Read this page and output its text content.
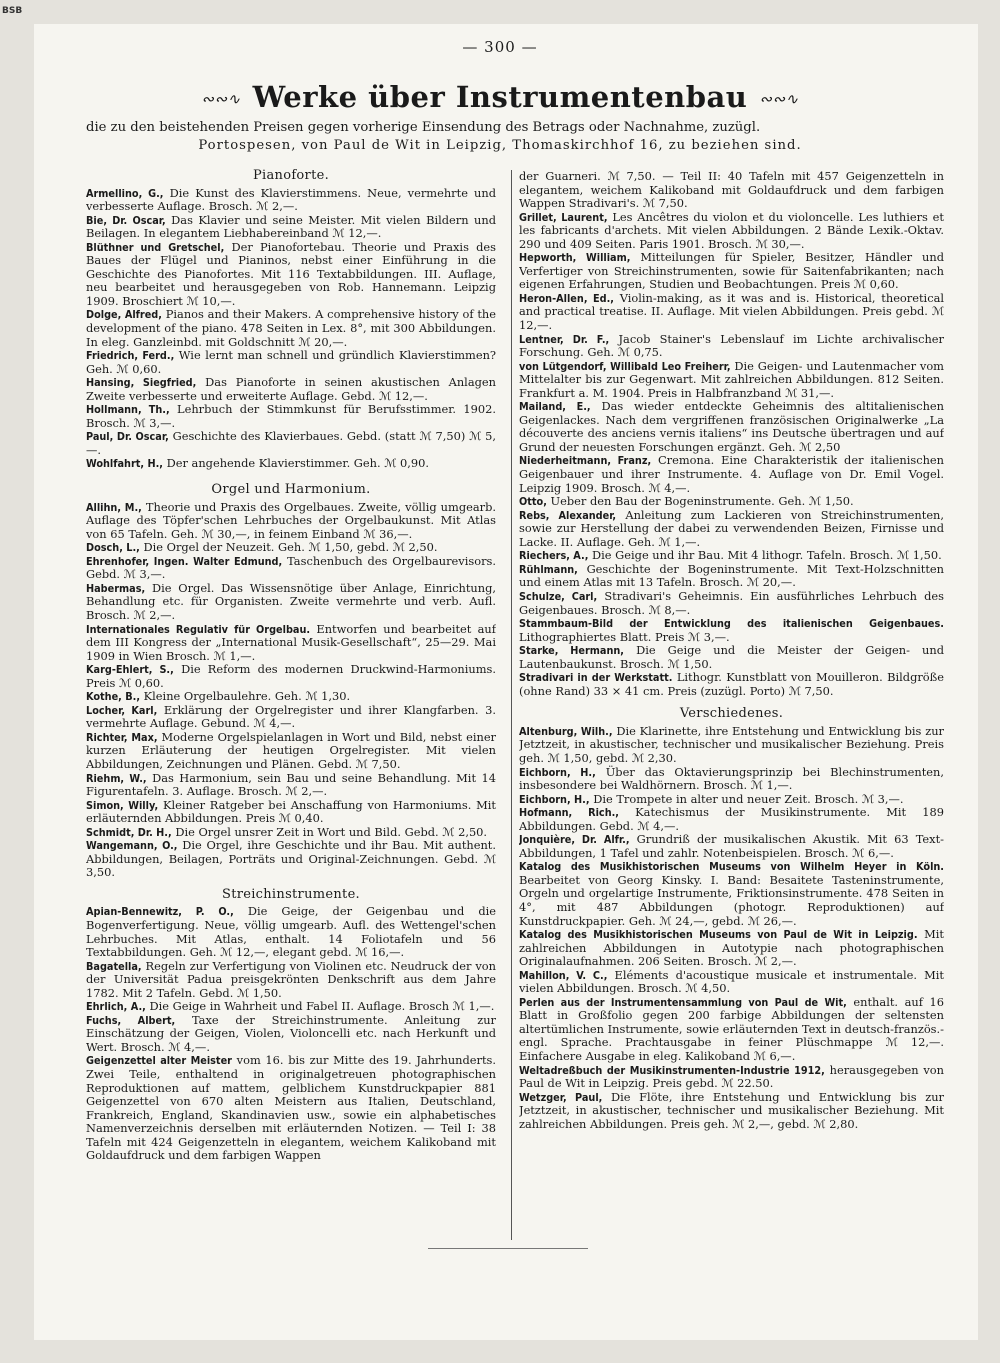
BSB
— 300 —
∾∾∿ Werke über Instrumentenbau ∾∾∿
die zu den beistehenden Preisen gegen vorherige Einsendung des Betrags oder Nachnahme, zuzügl.
Portospesen, von Paul de Wit in Leipzig, Thomaskirchhof 16, zu beziehen sind.
Pianoforte.

Armellino, G., Die Kunst des Klavierstimmens. Neue, vermehrte und verbesserte Auflage. Brosch. ℳ 2,—.

Bie, Dr. Oscar, Das Klavier und seine Meister. Mit vielen Bildern und Beilagen. In elegantem Liebhabereinband ℳ 12,—.

Blüthner und Gretschel, Der Pianofortebau. Theorie und Praxis des Baues der Flügel und Pianinos, nebst einer Einführung in die Geschichte des Pianofortes. Mit 116 Textabbildungen. III. Auflage, neu bearbeitet und herausgegeben von Rob. Hannemann. Leipzig 1909. Broschiert ℳ 10,—.

Dolge, Alfred, Pianos and their Makers. A comprehensive history of the development of the piano. 478 Seiten in Lex. 8°, mit 300 Abbildungen. In eleg. Ganzleinbd. mit Goldschnitt ℳ 20,—.

Friedrich, Ferd., Wie lernt man schnell und gründlich Klavierstimmen? Geh. ℳ 0,60.

Hansing, Siegfried, Das Pianoforte in seinen akustischen Anlagen Zweite verbesserte und erweiterte Auflage. Gebd. ℳ 12,—.

Hollmann, Th., Lehrbuch der Stimmkunst für Berufsstimmer. 1902. Brosch. ℳ 3,—.

Paul, Dr. Oscar, Geschichte des Klavierbaues. Gebd. (statt ℳ 7,50) ℳ 5,—.

Wohlfahrt, H., Der angehende Klavierstimmer. Geh. ℳ 0,90.

Orgel und Harmonium.

Allihn, M., Theorie und Praxis des Orgelbaues. Zweite, völlig umgearb. Auflage des Töpfer'schen Lehrbuches der Orgelbaukunst. Mit Atlas von 65 Tafeln. Geh. ℳ 30,—, in feinem Einband ℳ 36,—.

Dosch, L., Die Orgel der Neuzeit. Geh. ℳ 1,50, gebd. ℳ 2,50.

Ehrenhofer, Ingen. Walter Edmund, Taschenbuch des Orgelbaurevisors. Gebd. ℳ 3,—.

Habermas, Die Orgel. Das Wissensnötige über Anlage, Einrichtung, Behandlung etc. für Organisten. Zweite vermehrte und verb. Aufl. Brosch. ℳ 2,—.

Internationales Regulativ für Orgelbau. Entworfen und bearbeitet auf dem III Kongress der „International Musik-Gesellschaft“, 25—29. Mai 1909 in Wien Brosch. ℳ 1,—.

Karg-Ehlert, S., Die Reform des modernen Druckwind-Harmoniums. Preis ℳ 0,60.

Kothe, B., Kleine Orgelbaulehre. Geh. ℳ 1,30.

Locher, Karl, Erklärung der Orgelregister und ihrer Klangfarben. 3. vermehrte Auflage. Gebund. ℳ 4,—.

Richter, Max, Moderne Orgelspielanlagen in Wort und Bild, nebst einer kurzen Erläuterung der heutigen Orgelregister. Mit vielen Abbildungen, Zeichnungen und Plänen. Gebd. ℳ 7,50.

Riehm, W., Das Harmonium, sein Bau und seine Behandlung. Mit 14 Figurentafeln. 3. Auflage. Brosch. ℳ 2,—.

Simon, Willy, Kleiner Ratgeber bei Anschaffung von Harmoniums. Mit erläuternden Abbildungen. Preis ℳ 0,40.

Schmidt, Dr. H., Die Orgel unsrer Zeit in Wort und Bild. Gebd. ℳ 2,50.

Wangemann, O., Die Orgel, ihre Geschichte und ihr Bau. Mit authent. Abbildungen, Beilagen, Porträts und Original-Zeichnungen. Gebd. ℳ 3,50.

Streichinstrumente.

Apian-Bennewitz, P. O., Die Geige, der Geigenbau und die Bogenverfertigung. Neue, völlig umgearb. Aufl. des Wettengel'schen Lehrbuches. Mit Atlas, enthalt. 14 Foliotafeln und 56 Textabbildungen. Geh. ℳ 12,—, elegant gebd. ℳ 16,—.

Bagatella, Regeln zur Verfertigung von Violinen etc. Neudruck der von der Universität Padua preisgekrönten Denkschrift aus dem Jahre 1782. Mit 2 Tafeln. Gebd. ℳ 1,50.

Ehrlich, A., Die Geige in Wahrheit und Fabel II. Auflage. Brosch ℳ 1,—.

Fuchs, Albert, Taxe der Streichinstrumente. Anleitung zur Einschätzung der Geigen, Violen, Violoncelli etc. nach Herkunft und Wert. Brosch. ℳ 4,—.

Geigenzettel alter Meister vom 16. bis zur Mitte des 19. Jahrhunderts. Zwei Teile, enthaltend in originalgetreuen photographischen Reproduktionen auf mattem, gelblichem Kunstdruckpapier 881 Geigenzettel von 670 alten Meistern aus Italien, Deutschland, Frankreich, England, Skandinavien usw., sowie ein alphabetisches Namenverzeichnis derselben mit erläuternden Notizen. — Teil I: 38 Tafeln mit 424 Geigenzetteln in elegantem, weichem Kalikoband mit Goldaufdruck und dem farbigen Wappen

der Guarneri. ℳ 7,50. — Teil II: 40 Tafeln mit 457 Geigenzetteln in elegantem, weichem Kalikoband mit Goldaufdruck und dem farbigen Wappen Stradivari's. ℳ 7,50.

Grillet, Laurent, Les Ancêtres du violon et du violoncelle. Les luthiers et les fabricants d'archets. Mit vielen Abbildungen. 2 Bände Lexik.-Oktav. 290 und 409 Seiten. Paris 1901. Brosch. ℳ 30,—.

Hepworth, William, Mitteilungen für Spieler, Besitzer, Händler und Verfertiger von Streichinstrumenten, sowie für Saitenfabrikanten; nach eigenen Erfahrungen, Studien und Beobachtungen. Preis ℳ 0,60.

Heron-Allen, Ed., Violin-making, as it was and is. Historical, theoretical and practical treatise. II. Auflage. Mit vielen Abbildungen. Preis gebd. ℳ 12,—.

Lentner, Dr. F., Jacob Stainer's Lebenslauf im Lichte archivalischer Forschung. Geh. ℳ 0,75.

von Lütgendorf, Willibald Leo Freiherr, Die Geigen- und Lautenmacher vom Mittelalter bis zur Gegenwart. Mit zahlreichen Abbildungen. 812 Seiten. Frankfurt a. M. 1904. Preis in Halbfranzband ℳ 31,—.

Mailand, E., Das wieder entdeckte Geheimnis des altitalienischen Geigenlackes. Nach dem vergriffenen französischen Originalwerke „La découverte des anciens vernis italiens“ ins Deutsche übertragen und auf Grund der neuesten Forschungen ergänzt. Geh. ℳ 2,50

Niederheitmann, Franz, Cremona. Eine Charakteristik der italienischen Geigenbauer und ihrer Instrumente. 4. Auflage von Dr. Emil Vogel. Leipzig 1909. Brosch. ℳ 4,—.

Otto, Ueber den Bau der Bogeninstrumente. Geh. ℳ 1,50.

Rebs, Alexander, Anleitung zum Lackieren von Streichinstrumenten, sowie zur Herstellung der dabei zu verwendenden Beizen, Firnisse und Lacke. II. Auflage. Geh. ℳ 1,—.

Riechers, A., Die Geige und ihr Bau. Mit 4 lithogr. Tafeln. Brosch. ℳ 1,50.

Rühlmann, Geschichte der Bogeninstrumente. Mit Text-Holzschnitten und einem Atlas mit 13 Tafeln. Brosch. ℳ 20,—.

Schulze, Carl, Stradivari's Geheimnis. Ein ausführliches Lehrbuch des Geigenbaues. Brosch. ℳ 8,—.

Stammbaum-Bild der Entwicklung des italienischen Geigenbaues. Lithographiertes Blatt. Preis ℳ 3,—.

Starke, Hermann, Die Geige und die Meister der Geigen- und Lautenbaukunst. Brosch. ℳ 1,50.

Stradivari in der Werkstatt. Lithogr. Kunstblatt von Mouilleron. Bildgröße (ohne Rand) 33 ⨯ 41 cm. Preis (zuzügl. Porto) ℳ 7,50.

Verschiedenes.

Altenburg, Wilh., Die Klarinette, ihre Entstehung und Entwicklung bis zur Jetztzeit, in akustischer, technischer und musikalischer Beziehung. Preis geh. ℳ 1,50, gebd. ℳ 2,30.

Eichborn, H., Über das Oktavierungsprinzip bei Blechinstrumenten, insbesondere bei Waldhörnern. Brosch. ℳ 1,—.

Eichborn, H., Die Trompete in alter und neuer Zeit. Brosch. ℳ 3,—.

Hofmann, Rich., Katechismus der Musikinstrumente. Mit 189 Abbildungen. Gebd. ℳ 4,—.

Jonquière, Dr. Alfr., Grundriß der musikalischen Akustik. Mit 63 Text-Abbildungen, 1 Tafel und zahlr. Notenbeispielen. Brosch. ℳ 6,—.

Katalog des Musikhistorischen Museums von Wilhelm Heyer in Köln. Bearbeitet von Georg Kinsky. I. Band: Besaitete Tasteninstrumente, Orgeln und orgelartige Instrumente, Friktionsinstrumente. 478 Seiten in 4°, mit 487 Abbildungen (photogr. Reproduktionen) auf Kunstdruckpapier. Geh. ℳ 24,—, gebd. ℳ 26,—.

Katalog des Musikhistorischen Museums von Paul de Wit in Leipzig. Mit zahlreichen Abbildungen in Autotypie nach photographischen Originalaufnahmen. 206 Seiten. Brosch. ℳ 2,—.

Mahillon, V. C., Eléments d'acoustique musicale et instrumentale. Mit vielen Abbildungen. Brosch. ℳ 4,50.

Perlen aus der Instrumentensammlung von Paul de Wit, enthalt. auf 16 Blatt in Großfolio gegen 200 farbige Abbildungen der seltensten altertümlichen Instrumente, sowie erläuternden Text in deutsch-französ.-engl. Sprache. Prachtausgabe in feiner Plüschmappe ℳ 12,—. Einfachere Ausgabe in eleg. Kalikoband ℳ 6,—.

Weltadreßbuch der Musikinstrumenten-Industrie 1912, herausgegeben von Paul de Wit in Leipzig. Preis gebd. ℳ 22.50.

Wetzger, Paul, Die Flöte, ihre Entstehung und Entwicklung bis zur Jetztzeit, in akustischer, technischer und musikalischer Beziehung. Mit zahlreichen Abbildungen. Preis geh. ℳ 2,—, gebd. ℳ 2,80.
